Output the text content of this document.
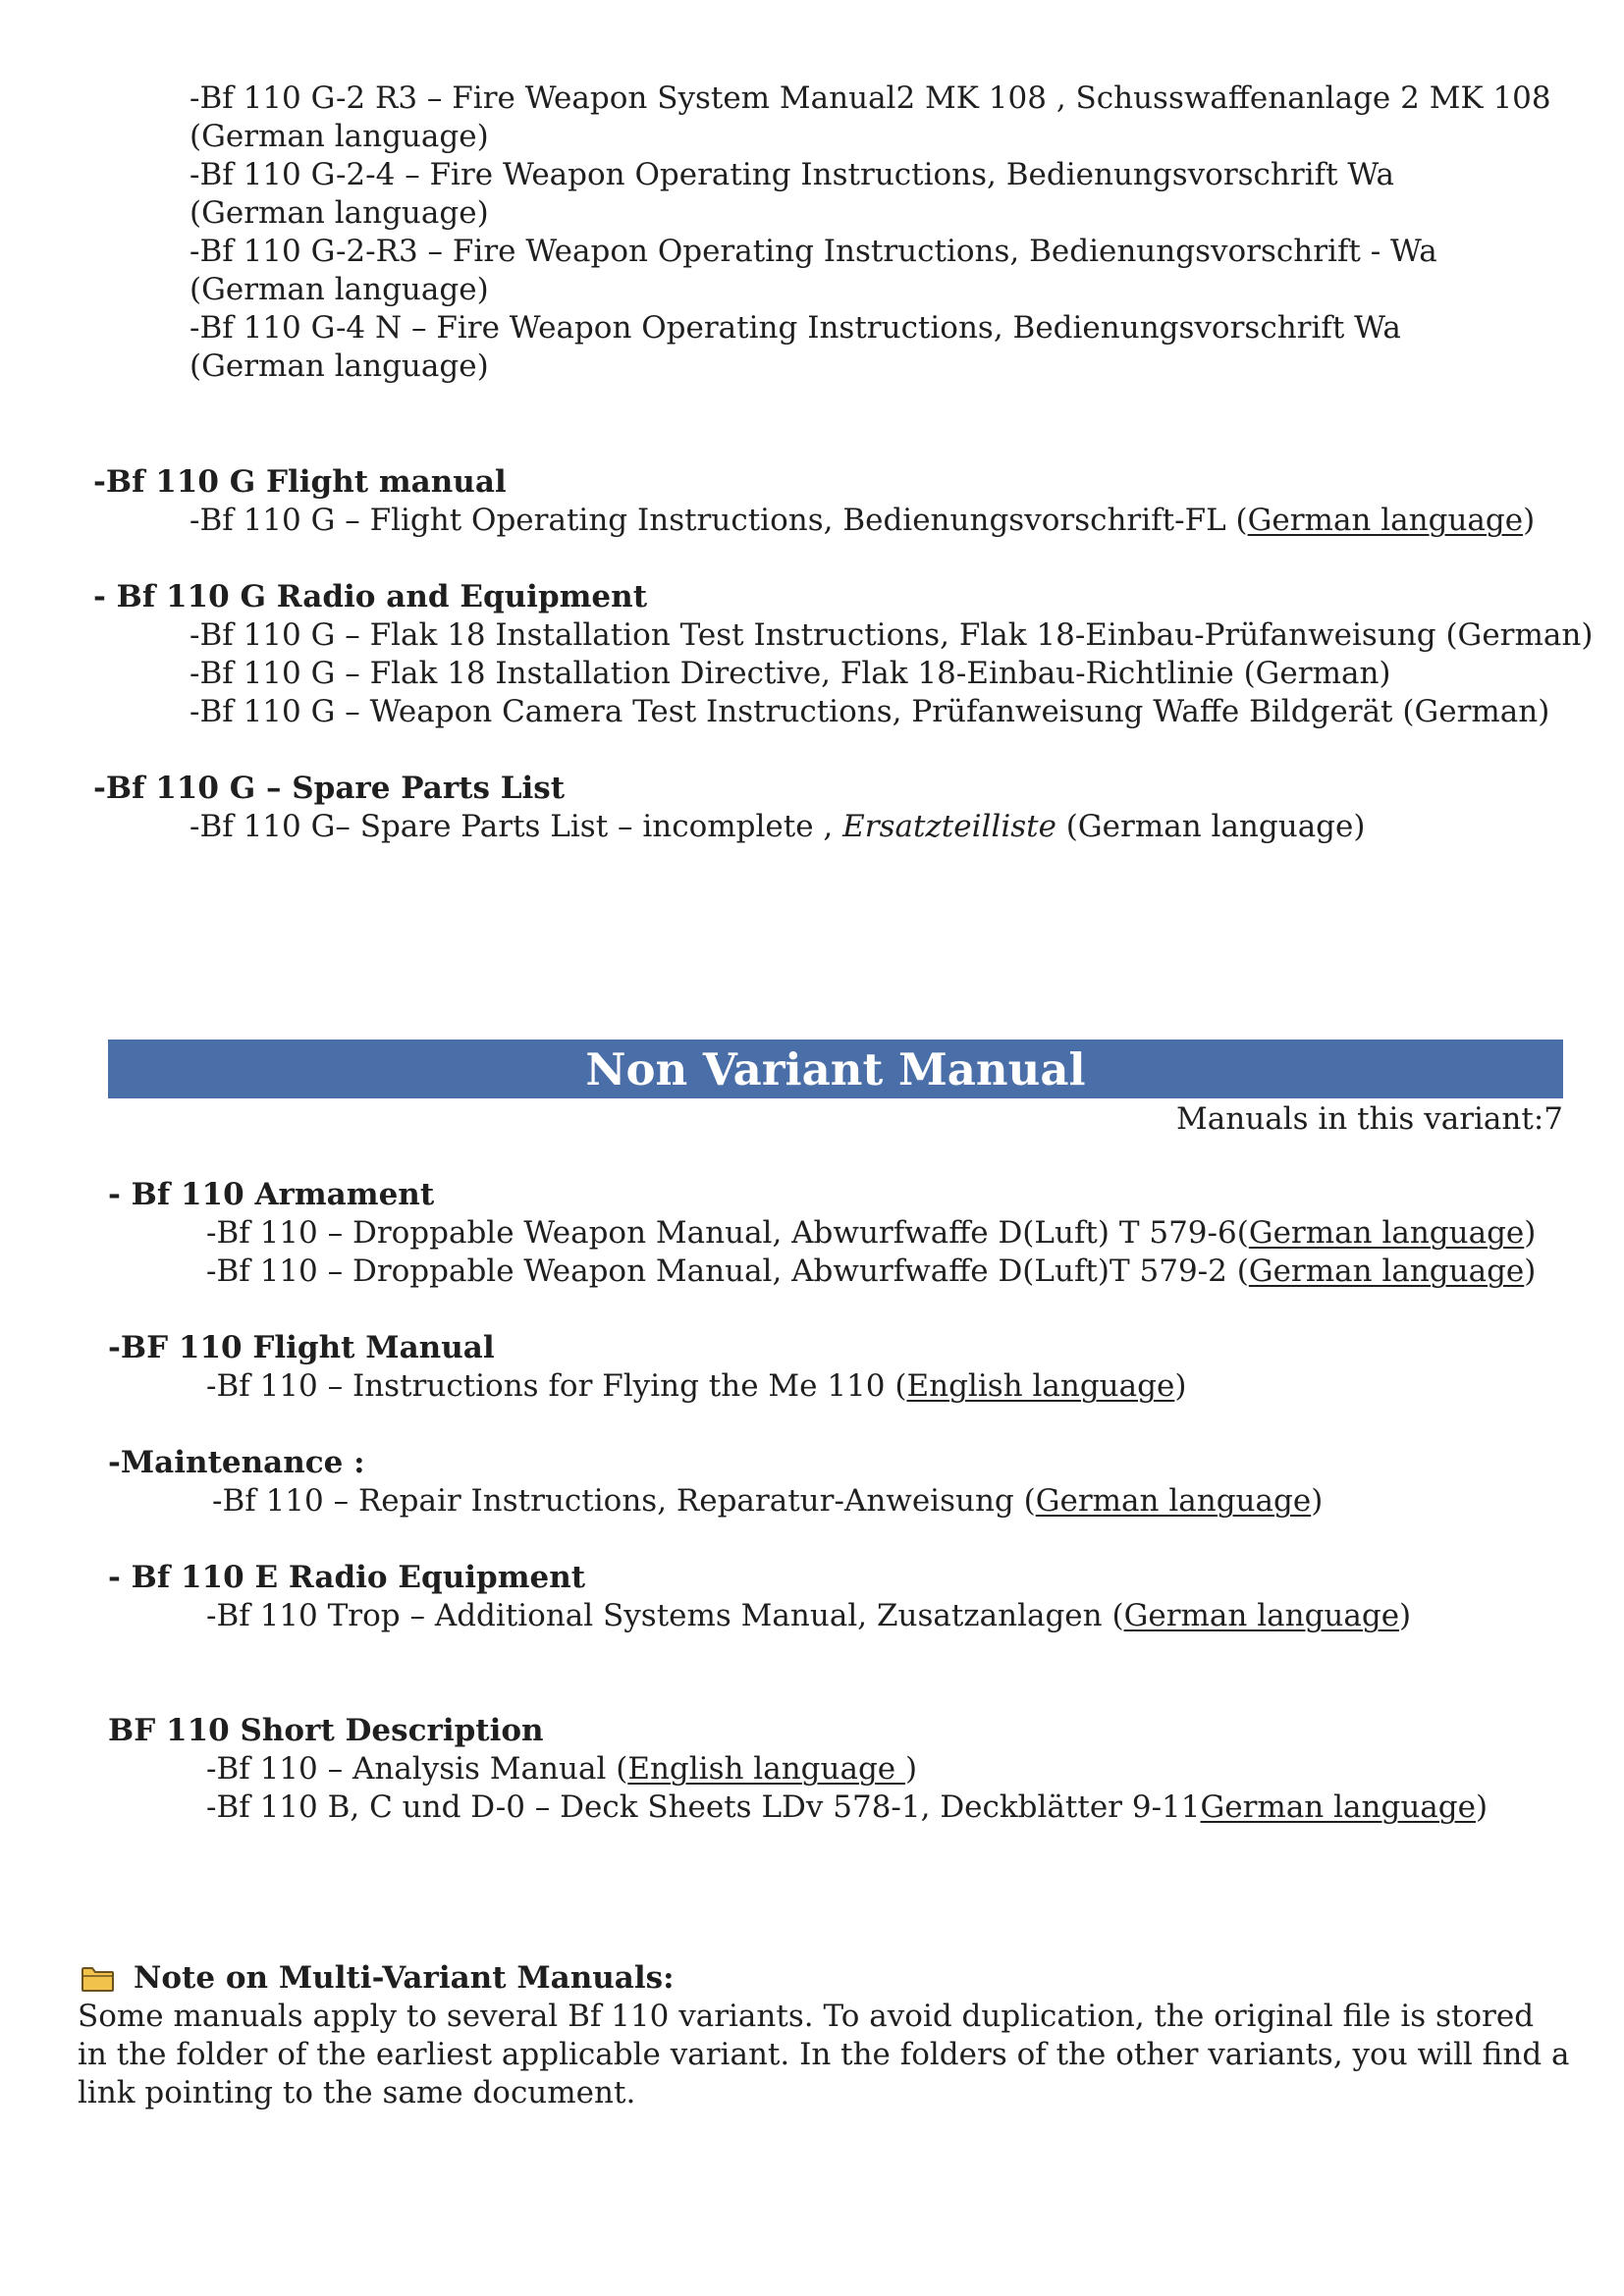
-Bf 110 G-2 R3 – Fire Weapon System Manual2 MK 108 , Schusswaffenanlage 2 MK 108 (German language)
-Bf 110 G-2-4 – Fire Weapon Operating Instructions, Bedienungsvorschrift Wa (German language)
-Bf 110 G-2-R3 – Fire Weapon Operating Instructions, Bedienungsvorschrift - Wa (German language)
-Bf 110 G-4 N – Fire Weapon Operating Instructions, Bedienungsvorschrift Wa (German language)
-Bf 110 G Flight manual
-Bf 110 G – Flight Operating Instructions, Bedienungsvorschrift-FL (German language)
- Bf 110 G Radio and Equipment
-Bf 110 G – Flak 18 Installation Test Instructions, Flak 18-Einbau-Prüfanweisung (German)
-Bf 110 G – Flak 18 Installation Directive, Flak 18-Einbau-Richtlinie (German)
-Bf 110 G – Weapon Camera Test Instructions, Prüfanweisung Waffe Bildgerät (German)
-Bf 110 G – Spare Parts List
-Bf 110 G– Spare Parts List – incomplete , Ersatzteilliste (German language)
Non Variant Manual
Manuals in this variant:7
- Bf 110 Armament
-Bf 110 – Droppable Weapon Manual, Abwurfwaffe D(Luft) T 579-6(German language)
-Bf 110 – Droppable Weapon Manual, Abwurfwaffe D(Luft)T 579-2 (German language)
-BF 110 Flight Manual
-Bf 110 – Instructions for Flying the Me 110 (English language)
-Maintenance :
-Bf 110 – Repair Instructions, Reparatur-Anweisung (German language)
- Bf 110 E Radio Equipment
-Bf 110 Trop – Additional Systems Manual, Zusatzanlagen (German language)
BF 110 Short Description
-Bf 110 – Analysis Manual (English language )
-Bf 110 B, C und D-0 – Deck Sheets LDv 578-1, Deckblätter 9-11German language)
Note on Multi-Variant Manuals:
Some manuals apply to several Bf 110 variants. To avoid duplication, the original file is stored in the folder of the earliest applicable variant. In the folders of the other variants, you will find a link pointing to the same document.
